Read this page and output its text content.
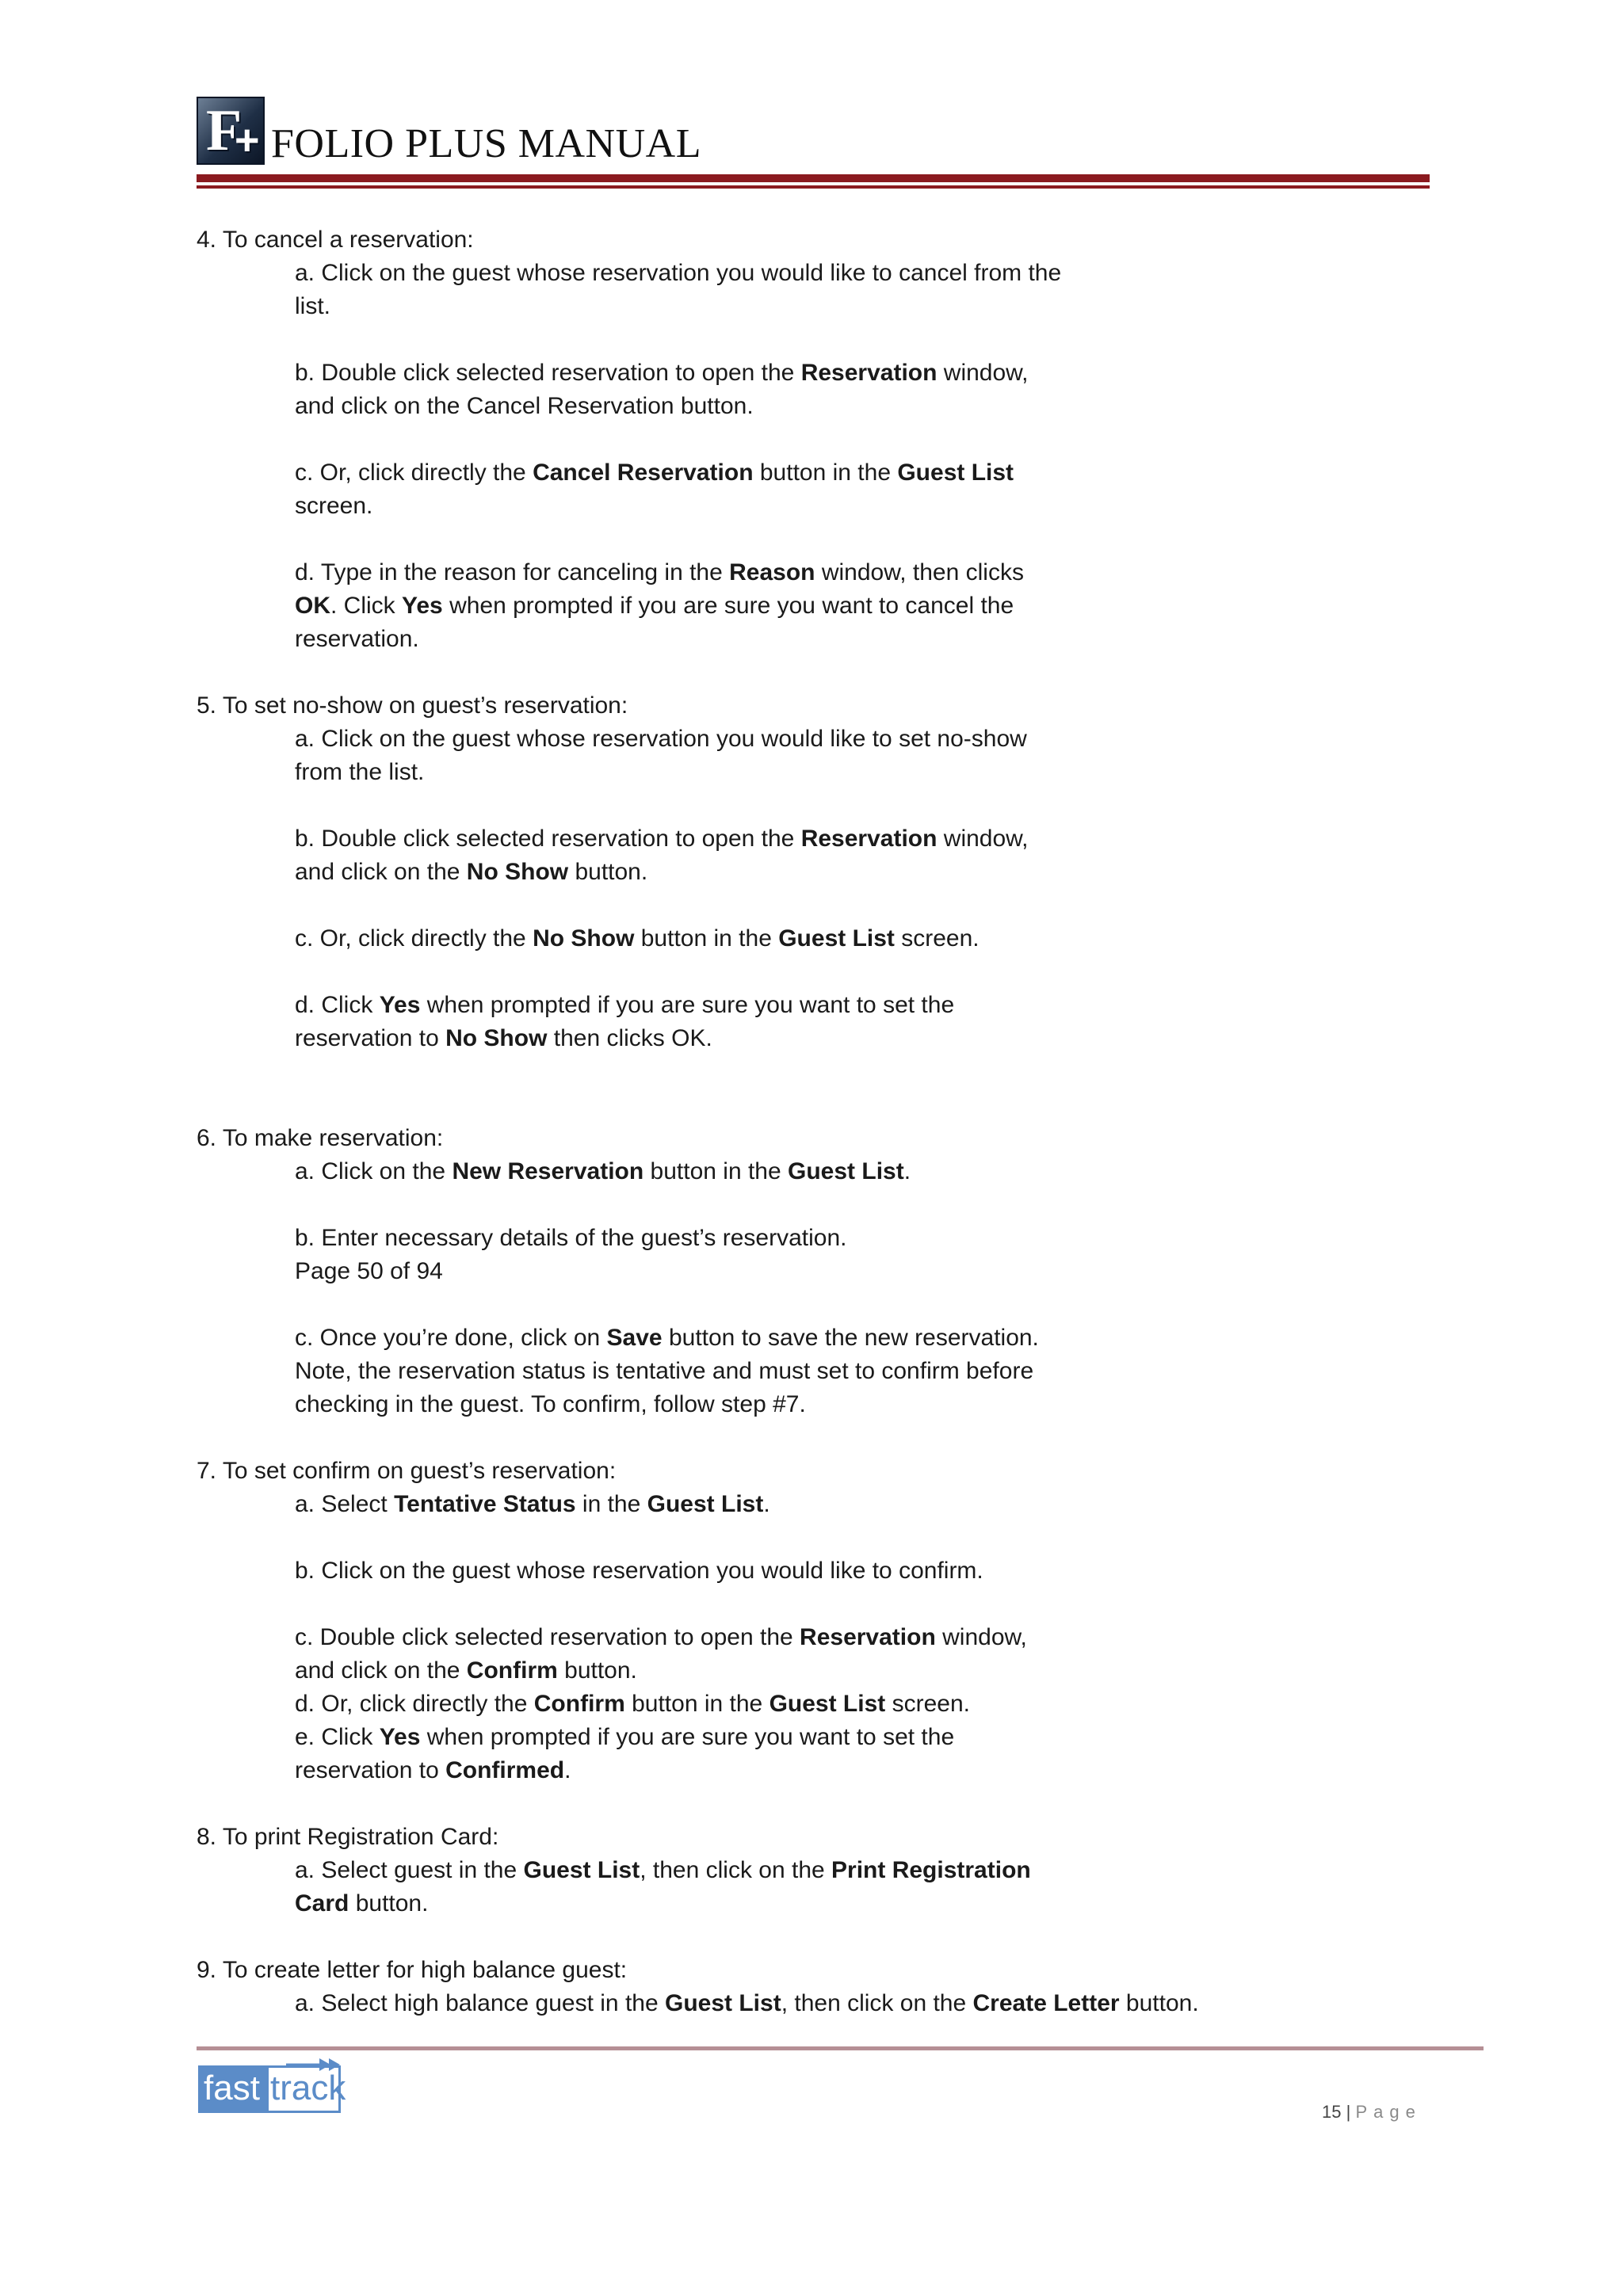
F
+ FOLIO PLUS MANUAL
4. To cancel a reservation:
a. Click on the guest whose reservation you would like to cancel from the
list.
b. Double click selected reservation to open the Reservation window,
and click on the Cancel Reservation button.
c. Or, click directly the Cancel Reservation button in the Guest List
screen.
d. Type in the reason for canceling in the Reason window, then clicks
OK. Click Yes when prompted if you are sure you want to cancel the
reservation.
5. To set no-show on guest’s reservation:
a. Click on the guest whose reservation you would like to set no-show
from the list.
b. Double click selected reservation to open the Reservation window,
and click on the No Show button.
c. Or, click directly the No Show button in the Guest List screen.
d. Click Yes when prompted if you are sure you want to set the
reservation to No Show then clicks OK.
6. To make reservation:
a. Click on the New Reservation button in the Guest List.
b. Enter necessary details of the guest’s reservation.
Page 50 of 94
c. Once you’re done, click on Save button to save the new reservation.
Note, the reservation status is tentative and must set to confirm before
checking in the guest. To confirm, follow step #7.
7. To set confirm on guest’s reservation:
a. Select Tentative Status in the Guest List.
b. Click on the guest whose reservation you would like to confirm.
c. Double click selected reservation to open the Reservation window,
and click on the Confirm button.
d. Or, click directly the Confirm button in the Guest List screen.
e. Click Yes when prompted if you are sure you want to set the
reservation to Confirmed.
8. To print Registration Card:
a. Select guest in the Guest List, then click on the Print Registration
Card button.
9. To create letter for high balance guest:
a. Select high balance guest in the Guest List, then click on the Create Letter button.
fast track
15 | Page
